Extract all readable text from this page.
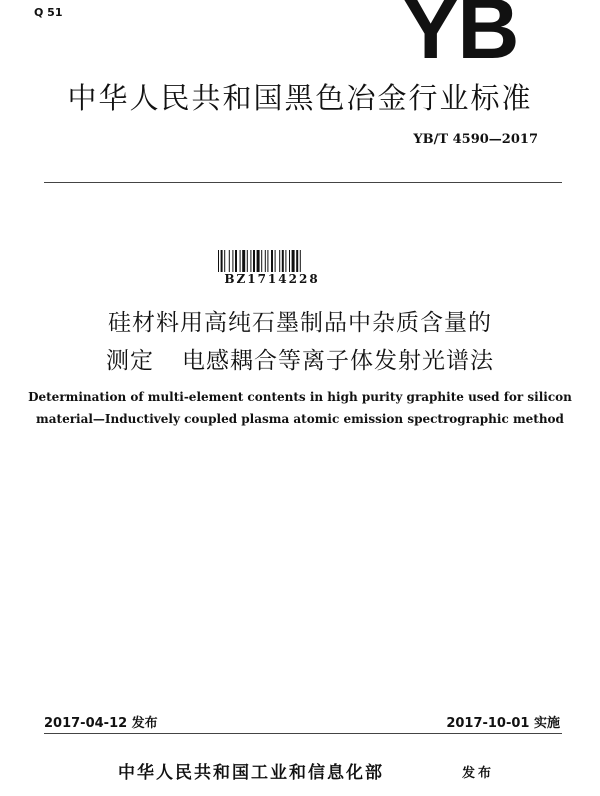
Q 51	YB
中华人民共和国黑色冶金行业标准
YB/T 4590—2017
BZ1714228
硅材料用高纯石墨制品中杂质含量的
测定 电感耦合等离子体发射光谱法
Determination of multi-element contents in high purity graphite used for silicon
material—Inductively coupled plasma atomic emission spectrographic method
2017-04-12 发布	2017-10-01 实施
中华人民共和国工业和信息化部	发布
